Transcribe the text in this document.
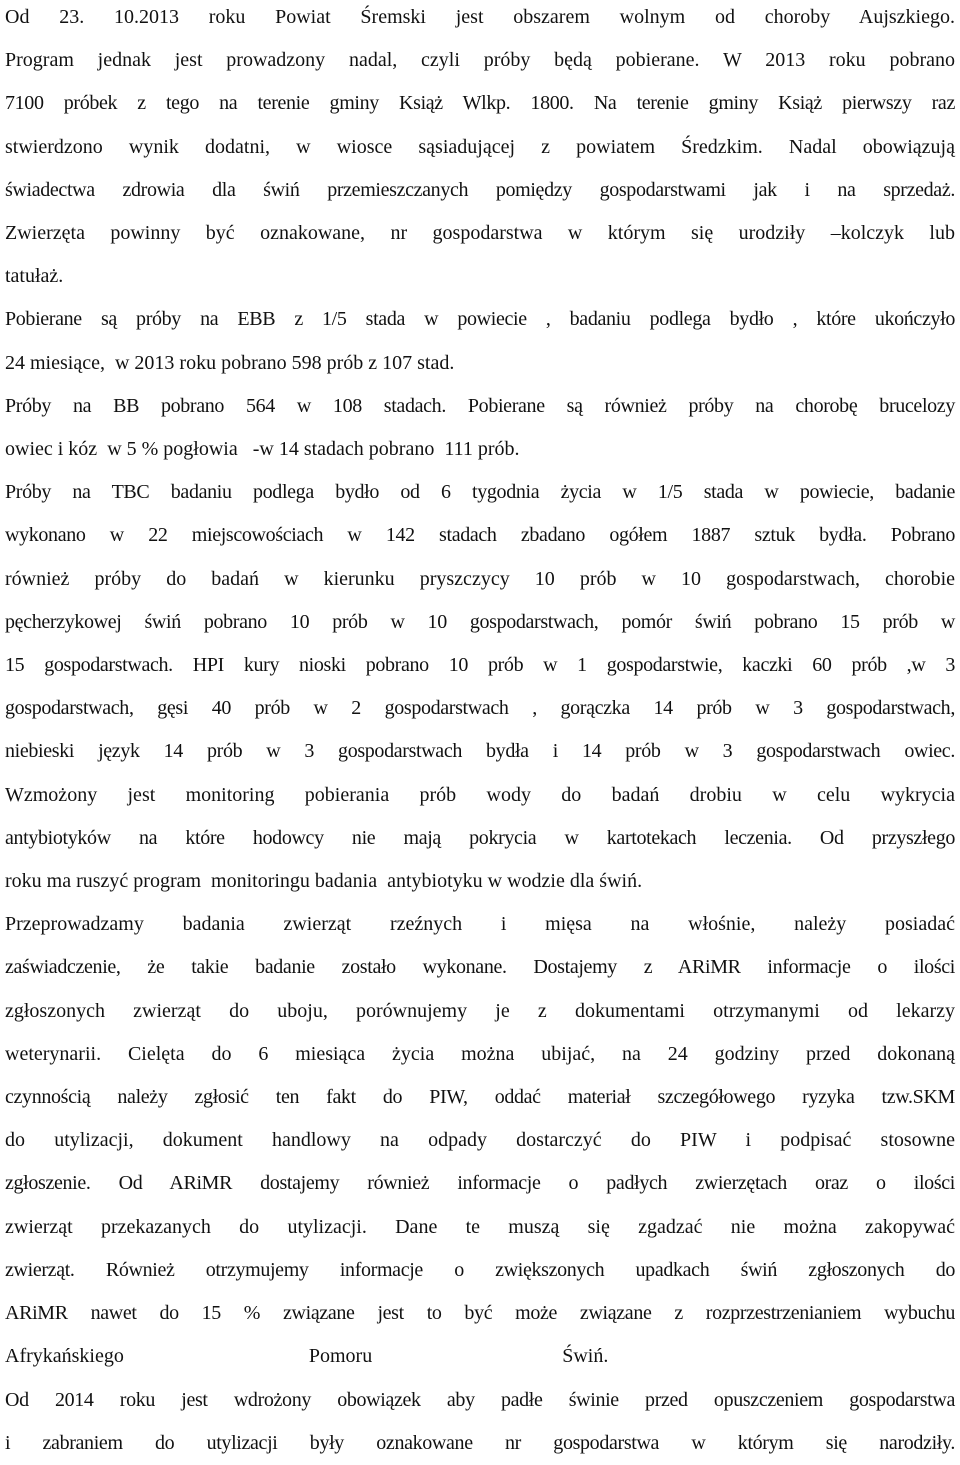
Od 23. 10.2013 roku Powiat Śremski jest obszarem wolnym od choroby Aujszkiego.
Program jednak jest prowadzony nadal, czyli próby będą pobierane. W 2013 roku pobrano
7100 próbek z tego na terenie gminy Książ Wlkp. 1800. Na terenie gminy Książ pierwszy raz
stwierdzono wynik dodatni, w wiosce sąsiadującej z powiatem Średzkim. Nadal obowiązują
świadectwa zdrowia dla świń przemieszczanych pomiędzy gospodarstwami jak i na sprzedaż.
Zwierzęta powinny być oznakowane, nr gospodarstwa w którym się urodziły –kolczyk lub
tatułaż.
Pobierane są próby na EBB z 1/5 stada w powiecie , badaniu podlega bydło , które ukończyło
24 miesiące,  w 2013 roku pobrano 598 prób z 107 stad.
Próby na BB pobrano 564 w 108 stadach. Pobierane są również próby na chorobę brucelozy
owiec i kóz  w 5 % pogłowia   -w 14 stadach pobrano  111 prób.
Próby na TBC badaniu podlega bydło od 6 tygodnia życia w 1/5 stada w powiecie, badanie
wykonano w 22 miejscowościach w 142 stadach zbadano ogółem 1887 sztuk bydła. Pobrano
również próby do badań w kierunku pryszczycy 10 prób w 10 gospodarstwach, chorobie
pęcherzykowej świń pobrano 10 prób w 10 gospodarstwach, pomór świń pobrano 15 prób w
15 gospodarstwach. HPI kury nioski pobrano 10 prób w 1 gospodarstwie, kaczki 60 prób ,w 3
gospodarstwach, gęsi 40 prób w 2 gospodarstwach , gorączka 14 prób w 3 gospodarstwach,
niebieski język 14 prób w 3 gospodarstwach bydła i 14 prób w 3 gospodarstwach owiec.
Wzmożony jest monitoring pobierania prób wody do badań drobiu w celu wykrycia
antybiotyków na które hodowcy nie mają pokrycia w kartotekach leczenia. Od przyszłego
roku ma ruszyć program  monitoringu badania  antybiotyku w wodzie dla świń.
Przeprowadzamy badania zwierząt rzeźnych i mięsa na włośnie, należy posiadać
zaświadczenie, że takie badanie zostało wykonane. Dostajemy z ARiMR informacje o ilości
zgłoszonych zwierząt do uboju, porównujemy je z dokumentami otrzymanymi od lekarzy
weterynarii. Cielęta do 6 miesiąca życia można ubijać, na 24 godziny przed dokonaną
czynnością należy zgłosić ten fakt do PIW, oddać materiał szczegółowego ryzyka tzw.SKM
do utylizacji, dokument handlowy na odpady dostarczyć do PIW i podpisać stosowne
zgłoszenie. Od ARiMR dostajemy również informacje o padłych zwierzętach oraz o ilości
zwierząt przekazanych do utylizacji. Dane te muszą się zgadzać nie można zakopywać
zwierząt. Również otrzymujemy informacje o zwiększonych upadkach świń zgłoszonych do
ARiMR nawet do 15 % związane jest to być może związane z rozprzestrzenianiem wybuchu
Afrykańskiego                                     Pomoru                                      Świń.
Od 2014 roku jest wdrożony obowiązek aby padłe świnie przed opuszczeniem gospodarstwa
i zabraniem do utylizacji były oznakowane nr gospodarstwa w którym się narodziły.
